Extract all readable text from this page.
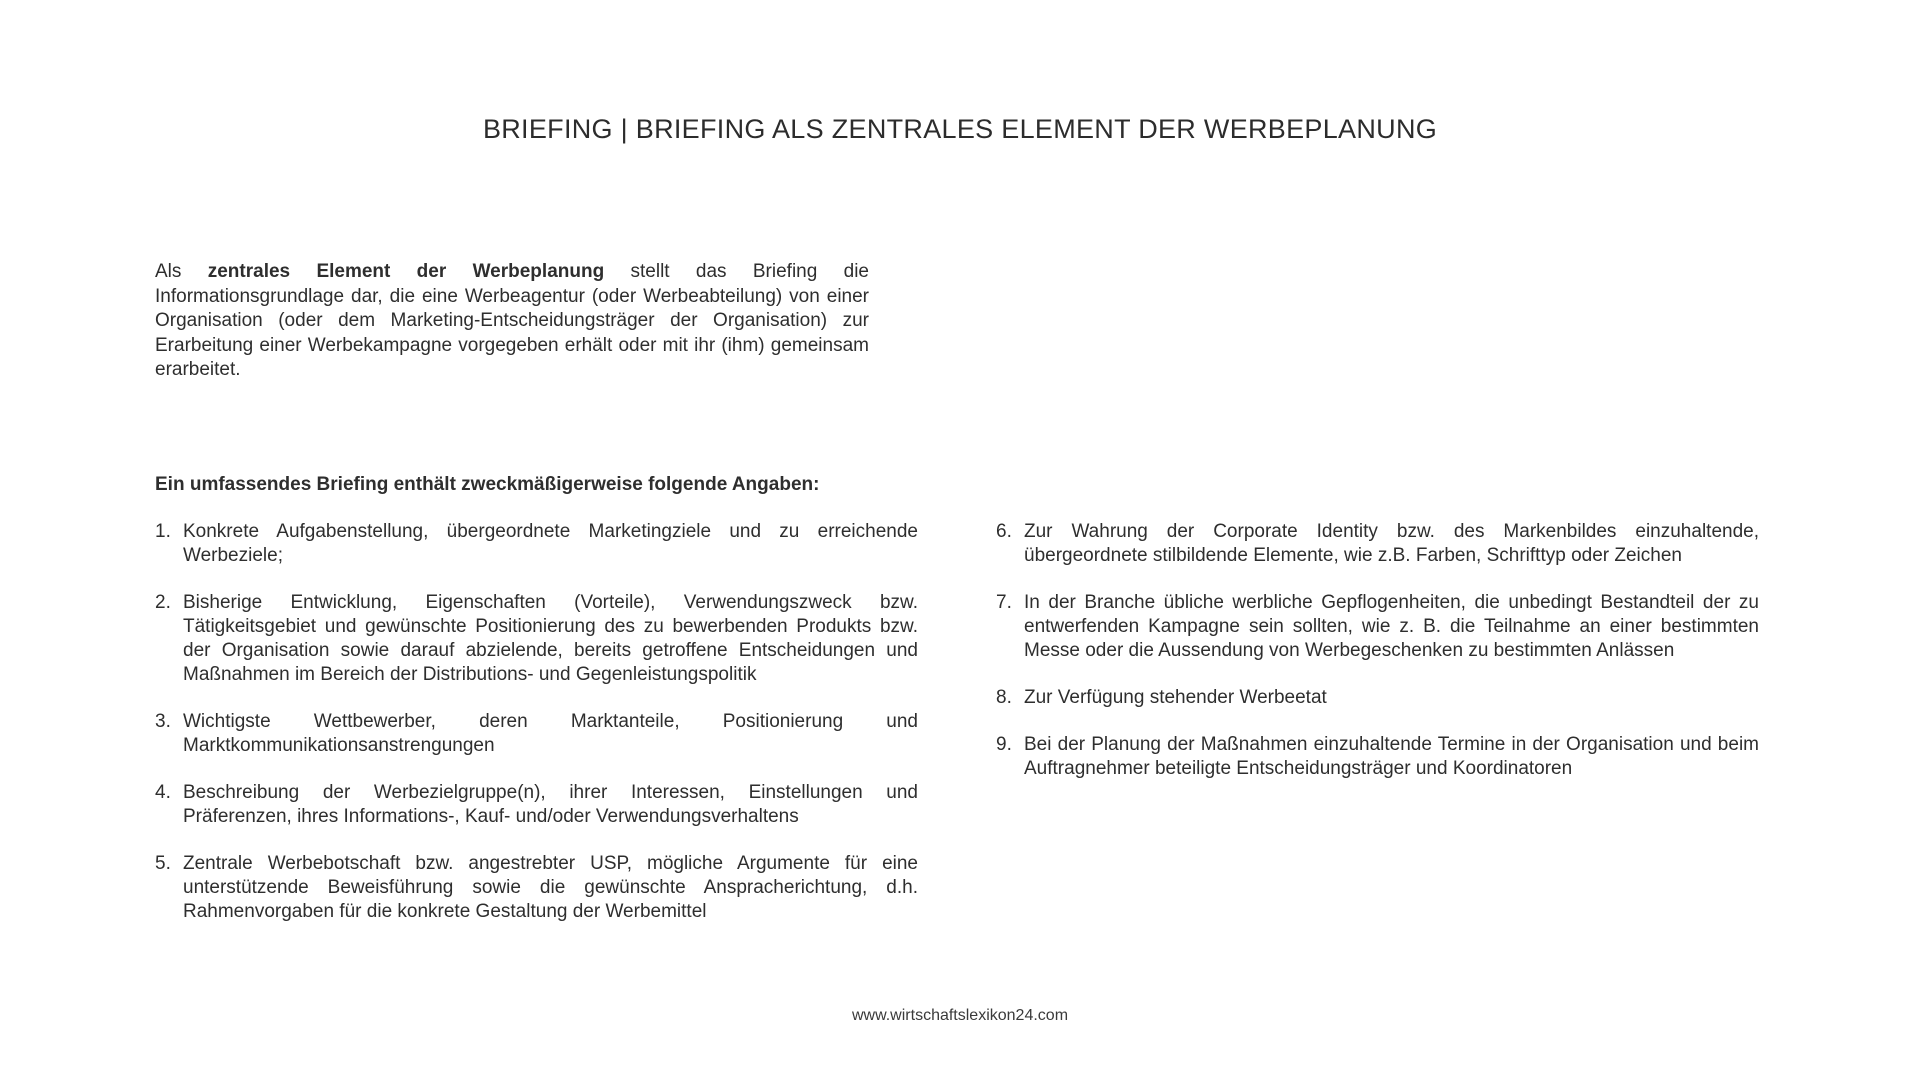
BRIEFING | BRIEFING ALS ZENTRALES ELEMENT DER WERBEPLANUNG

Als zentrales Element der Werbeplanung stellt das Briefing die Informationsgrundlage dar, die eine Werbeagentur (oder Werbeabteilung) von einer Organisation (oder dem Marketing-Entscheidungsträger der Organisation) zur Erarbeitung einer Werbekampagne vorgegeben erhält oder mit ihr (ihm) gemeinsam erarbeitet.

Ein umfassendes Briefing enthält zweckmäßigerweise folgende Angaben:
1. Konkrete Aufgabenstellung, übergeordnete Marketingziele und zu erreichende Werbeziele;
2. Bisherige Entwicklung, Eigenschaften (Vorteile), Verwendungszweck bzw. Tätigkeitsgebiet und gewünschte Positionierung des zu bewerbenden Produkts bzw. der Organisation sowie darauf abzielende, bereits getroffene Entscheidungen und Maßnahmen im Bereich der Distributions- und Gegenleistungspolitik
3. Wichtigste Wettbewerber, deren Marktanteile, Positionierung und Marktkommunikationsanstrengungen
4. Beschreibung der Werbezielgruppe(n), ihrer Interessen, Einstellungen und Präferenzen, ihres Informations-, Kauf- und/oder Verwendungsverhaltens
5. Zentrale Werbebotschaft bzw. angestrebter USP, mögliche Argumente für eine unterstützende Beweisführung sowie die gewünschte Anspracherichtung, d.h. Rahmenvorgaben für die konkrete Gestaltung der Werbemittel
6. Zur Wahrung der Corporate Identity bzw. des Markenbildes einzuhaltende, übergeordnete stilbildende Elemente, wie z.B. Farben, Schrifttyp oder Zeichen
7. In der Branche übliche werbliche Gepflogenheiten, die unbedingt Bestandteil der zu entwerfenden Kampagne sein sollten, wie z. B. die Teilnahme an einer bestimmten Messe oder die Aussendung von Werbegeschenken zu bestimmten Anlässen
8. Zur Verfügung stehender Werbeetat
9. Bei der Planung der Maßnahmen einzuhaltende Termine in der Organisation und beim Auftragnehmer beteiligte Entscheidungsträger und Koordinatoren
www.wirtschaftslexikon24.com
